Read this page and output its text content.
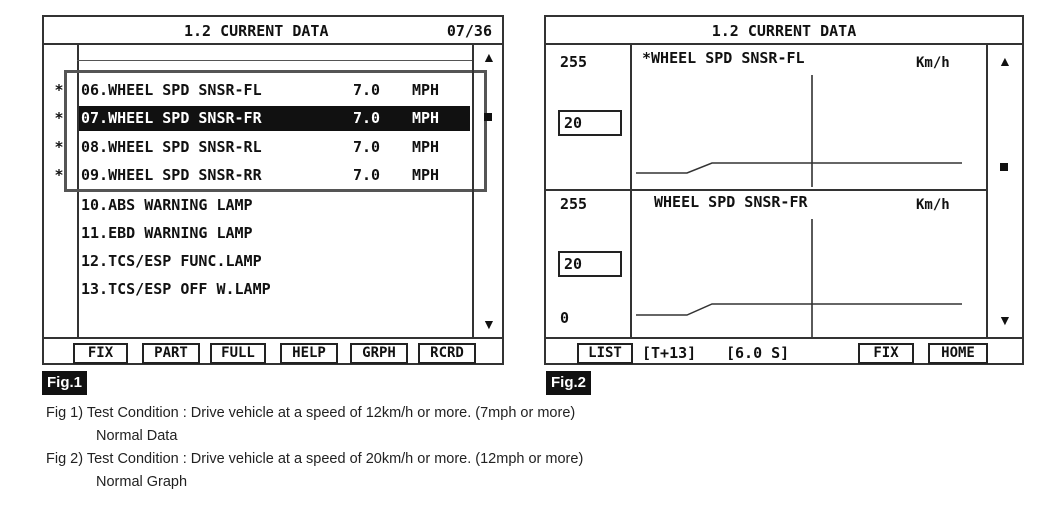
1.2 CURRENT DATA	07/36
* 06.WHEEL SPD SNSR-FL	7.0 MPH
* 07.WHEEL SPD SNSR-FR	7.0 MPH
* 08.WHEEL SPD SNSR-RL	7.0 MPH
* 09.WHEEL SPD SNSR-RR	7.0 MPH
10.ABS WARNING LAMP
11.EBD WARNING LAMP
12.TCS/ESP FUNC.LAMP
13.TCS/ESP OFF W.LAMP
▲
▼
FIX	PART	FULL	HELP	GRPH	RCRD
1.2 CURRENT DATA
255
20
*WHEEL SPD SNSR-FL	Km/h
255
20
0
WHEEL SPD SNSR-FR	Km/h
▲
▼
LIST	[T+13] [6.0 S]	FIX	HOME
Fig.1	Fig.2
Fig 1) Test Condition : Drive vehicle at a speed of 12km/h or more. (7mph or more)
Normal Data
Fig 2) Test Condition : Drive vehicle at a speed of 20km/h or more. (12mph or more)
Normal Graph
